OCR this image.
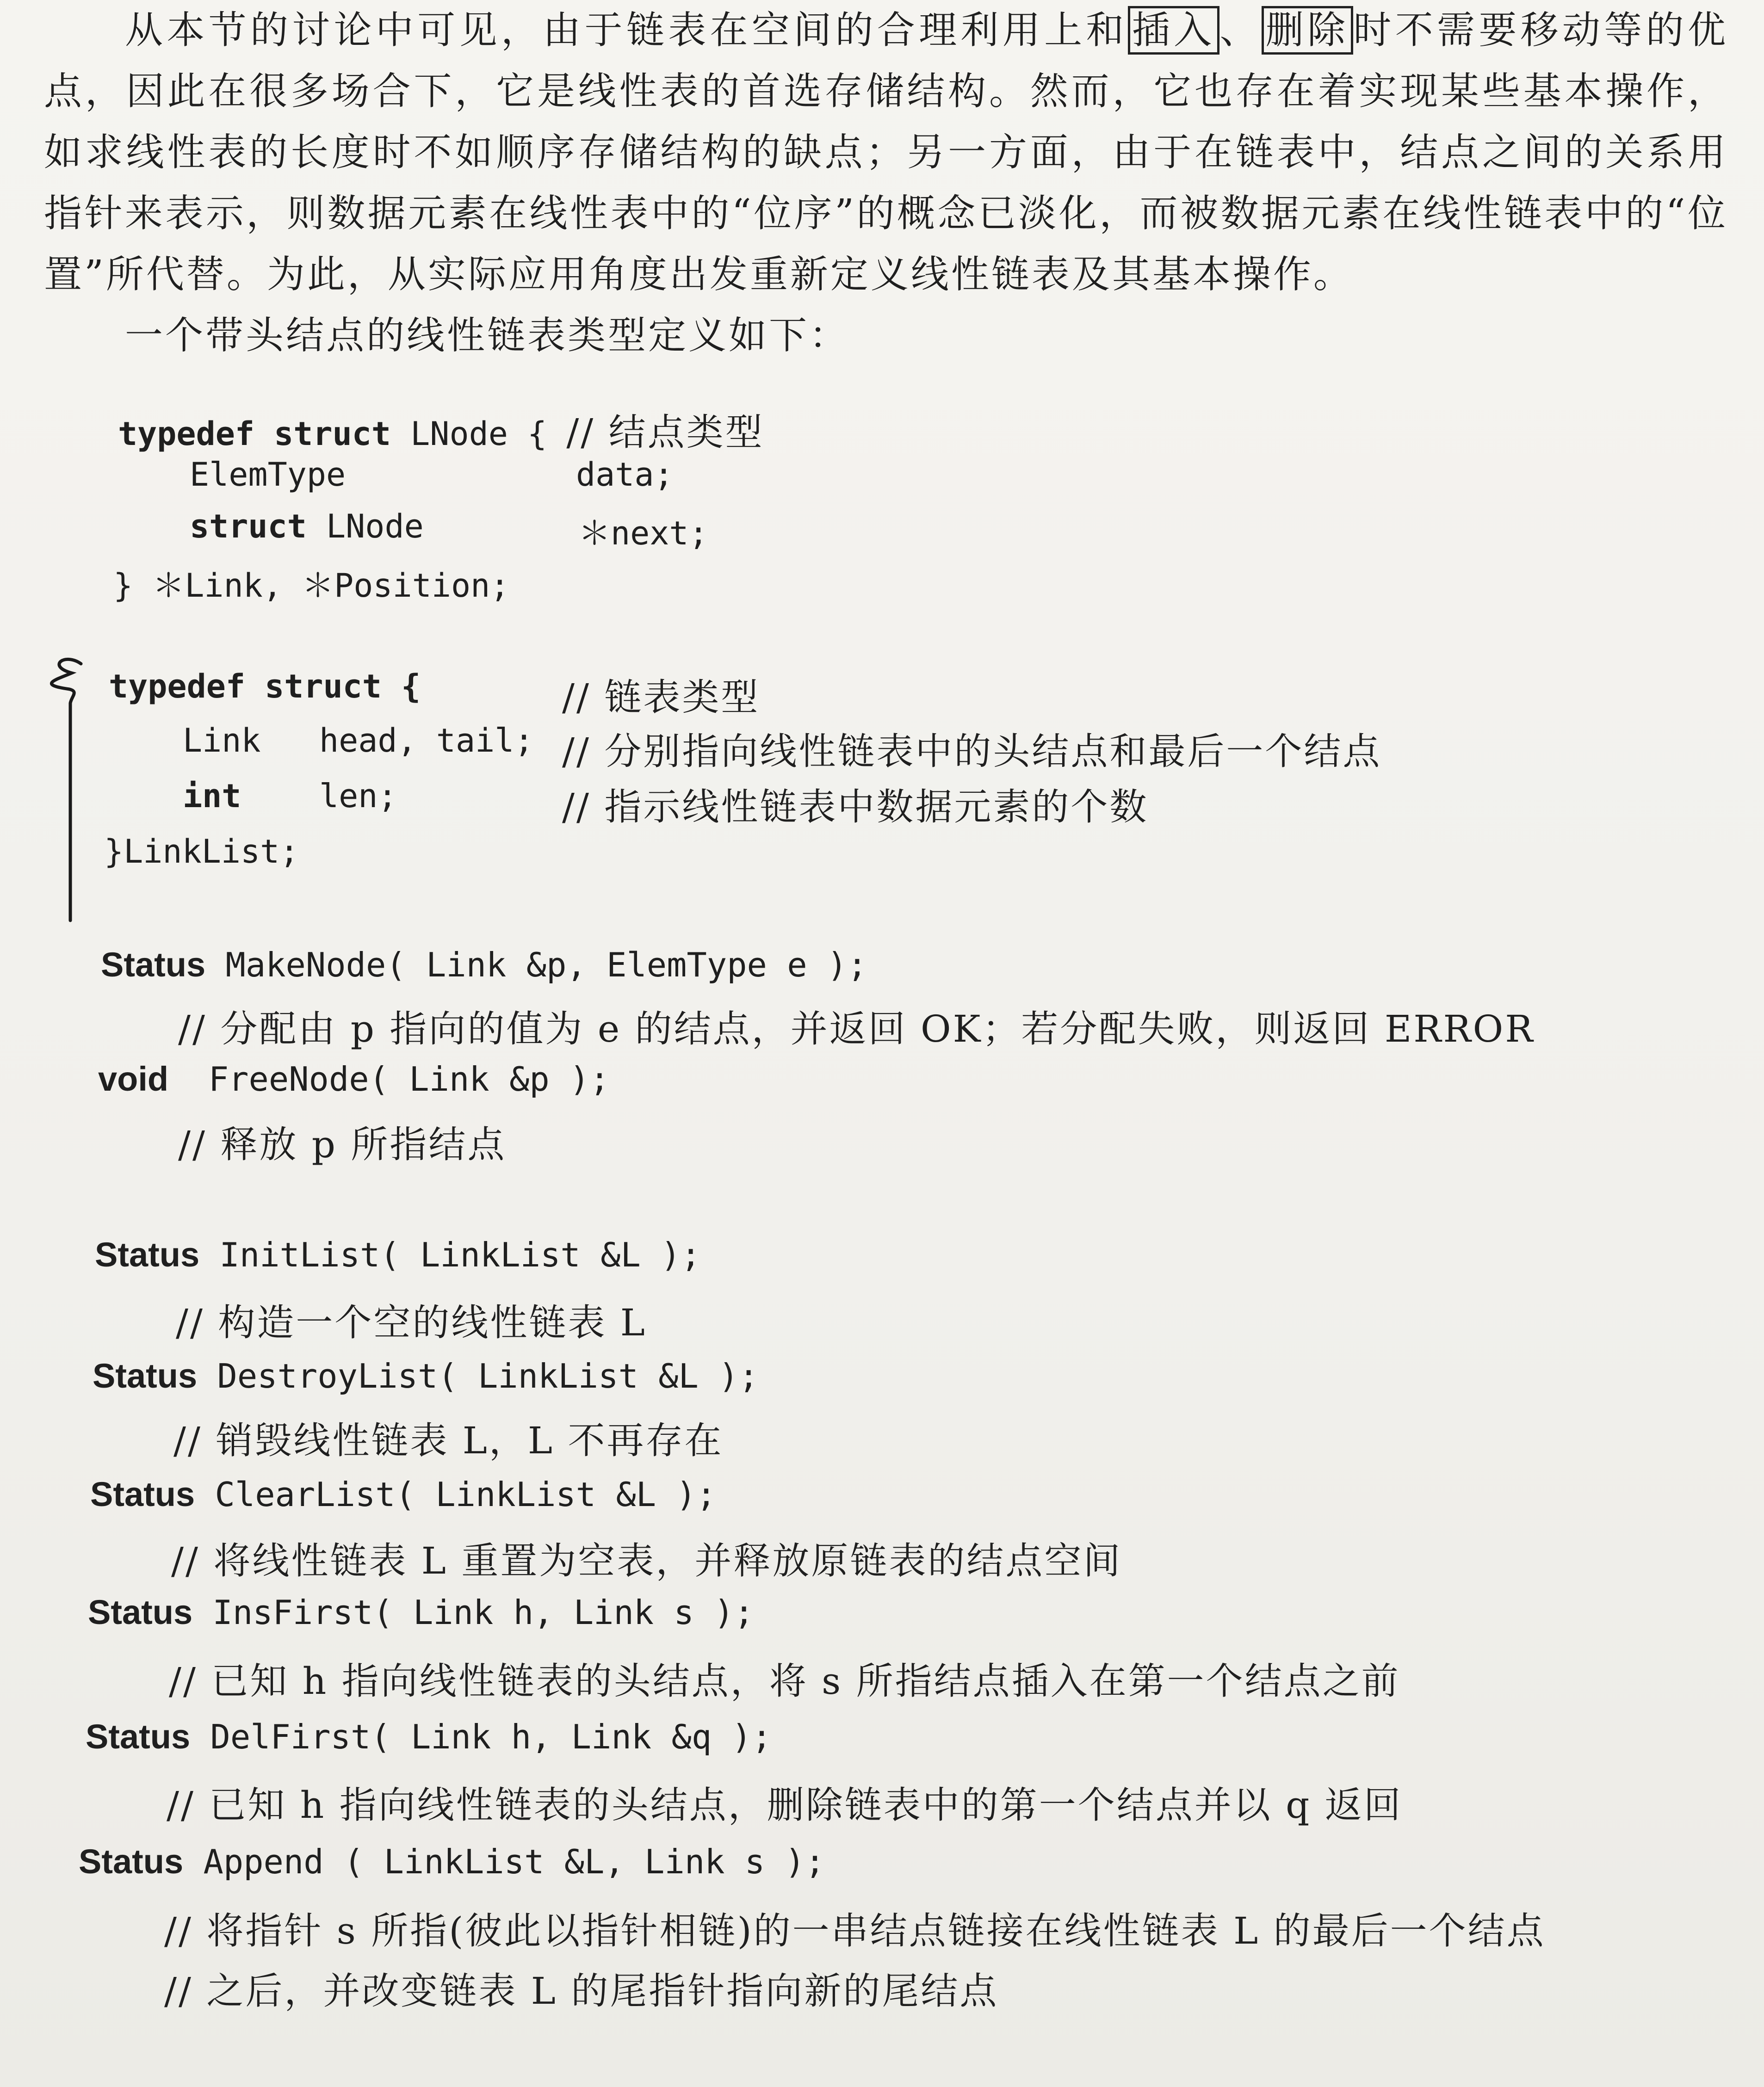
从本节的讨论中可见，由于链表在空间的合理利用上和 插入 、 删除 时不需要移动等的优点，因此在很多场合下，它是线性表的首选存储结构。然而，它也存在着实现某些基本操作，如求线性表的长度时不如顺序存储结构的缺点；另一方面，由于在链表中，结点之间的关系用指针来表示，则数据元素在线性表中的“位序”的概念已淡化，而被数据元素在线性链表中的“位置”所代替。为此，从实际应用角度出发重新定义线性链表及其基本操作。

一个带头结点的线性链表类型定义如下：

typedef struct LNode { // 结点类型
ElemType	data;
struct LNode	＊next;
} ＊Link, ＊Position;
typedef struct {	// 链表类型
Link   head, tail; // 分别指向线性链表中的头结点和最后一个结点
int len;	// 指示线性链表中数据元素的个数
}LinkList;
Status MakeNode( Link &p, ElemType e );
// 分配由 p 指向的值为 e 的结点，并返回 OK；若分配失败，则返回 ERROR
void  FreeNode( Link &p );
// 释放 p 所指结点
Status InitList( LinkList &L );
// 构造一个空的线性链表 L
Status DestroyList( LinkList &L );
// 销毁线性链表 L，L 不再存在
Status ClearList( LinkList &L );
// 将线性链表 L 重置为空表，并释放原链表的结点空间
Status InsFirst( Link h, Link s );
// 已知 h 指向线性链表的头结点，将 s 所指结点插入在第一个结点之前
Status DelFirst( Link h, Link &q );
// 已知 h 指向线性链表的头结点，删除链表中的第一个结点并以 q 返回
Status Append ( LinkList &L, Link s );
// 将指针 s 所指(彼此以指针相链)的一串结点链接在线性链表 L 的最后一个结点
// 之后，并改变链表 L 的尾指针指向新的尾结点
